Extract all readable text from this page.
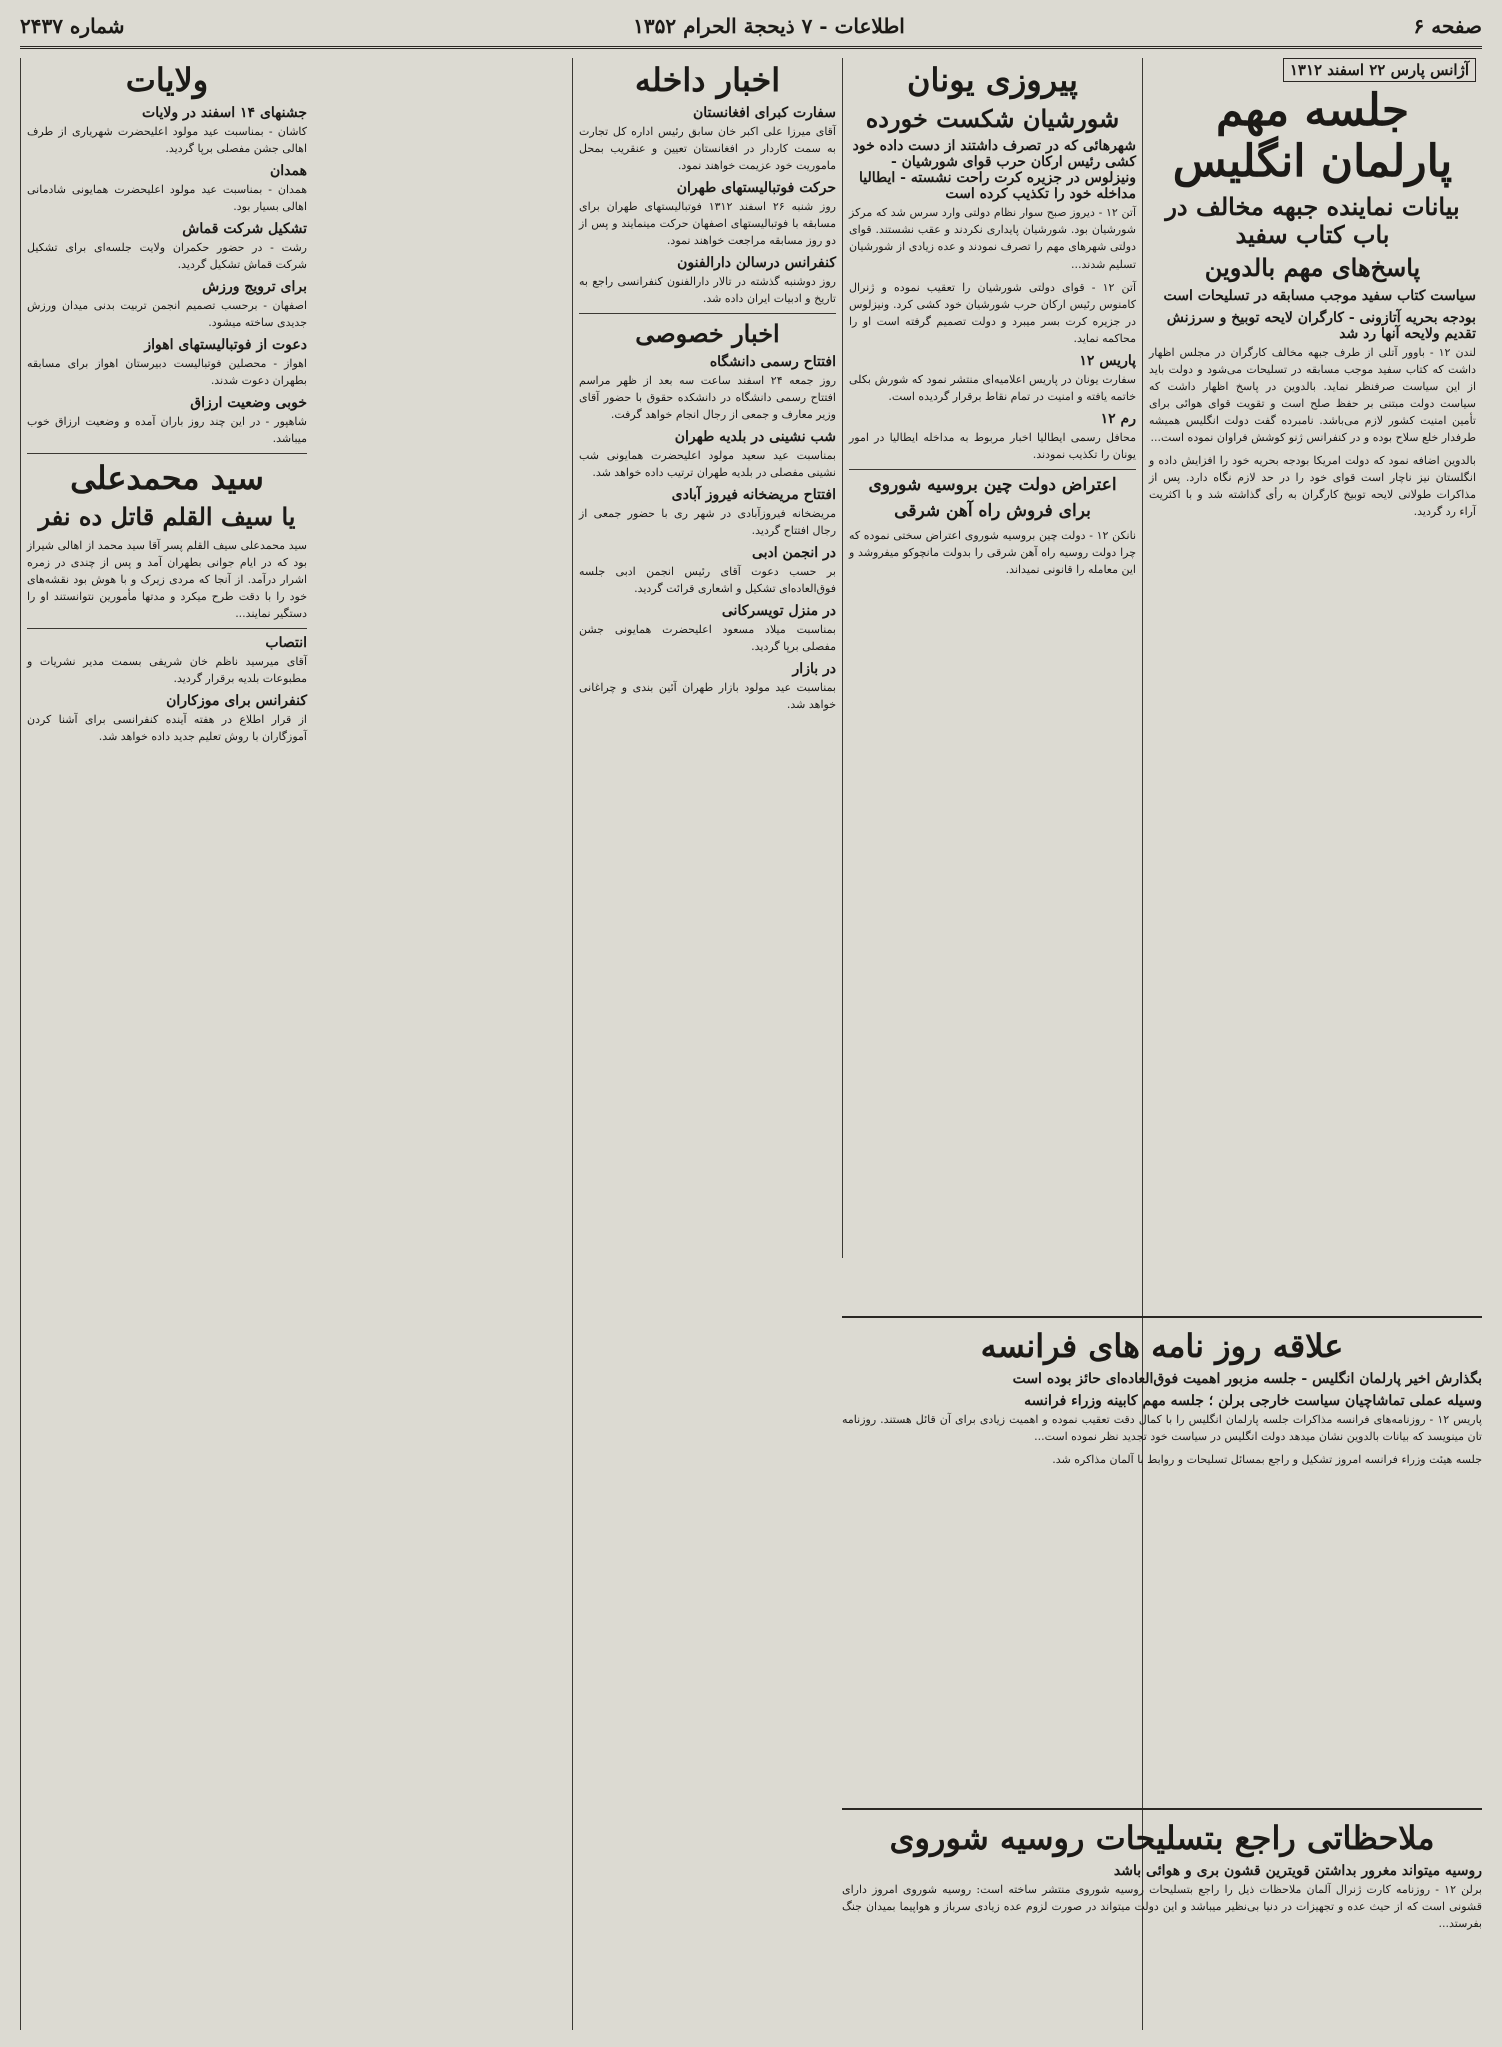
صفحه ۶
اطلاعات - ۷ ذیحجة الحرام ۱۳۵۲
شماره ۲۴۳۷
آژانس پارس ۲۲ اسفند ۱۳۱۲
جلسه مهم پارلمان انگلیس
بیانات نماینده جبهه مخالف در باب کتاب سفید
پاسخ‌های مهم بالدوین
سیاست کتاب سفید موجب مسابقه در تسلیحات است
بودجه بحریه آتازونی - کارگران لایحه توبیخ و سرزنش تقدیم ولایحه آنها رد شد

لندن ۱۲ - باوور آتلی از طرف جبهه مخالف کارگران در مجلس اظهار داشت که کتاب سفید موجب مسابقه در تسلیحات می‌شود و دولت باید از این سیاست صرفنظر نماید. بالدوین در پاسخ اظهار داشت که سیاست دولت مبتنی بر حفظ صلح است و تقویت قوای هوائی برای تأمین امنیت کشور لازم می‌باشد. نامبرده گفت دولت انگلیس همیشه طرفدار خلع سلاح بوده و در کنفرانس ژنو کوشش فراوان نموده است...

بالدوین اضافه نمود که دولت امریکا بودجه بحریه خود را افزایش داده و انگلستان نیز ناچار است قوای خود را در حد لازم نگاه دارد. پس از مذاکرات طولانی لایحه توبیخ کارگران به رأی گذاشته شد و با اکثریت آراء رد گردید.

پیروزی یونان
شورشیان شکست خورده
شهرهائی که در تصرف داشتند از دست داده خود کشی رئیس ارکان حرب قوای شورشیان - ونیزلوس در جزیره کرت راحت نشسته - ایطالیا مداخله خود را تکذیب کرده است

آتن ۱۲ - دیروز صبح سوار نظام دولتی وارد سرس شد که مرکز شورشیان بود. شورشیان پایداری نکردند و عقب نشستند. قوای دولتی شهرهای مهم را تصرف نمودند و عده زیادی از شورشیان تسلیم شدند...

آتن ۱۲ - قوای دولتی شورشیان را تعقیب نموده و ژنرال کامنوس رئیس ارکان حرب شورشیان خود کشی کرد. ونیزلوس در جزیره کرت بسر میبرد و دولت تصمیم گرفته است او را محاکمه نماید.

پاریس ۱۲

سفارت یونان در پاریس اعلامیه‌ای منتشر نمود که شورش بکلی خاتمه یافته و امنیت در تمام نقاط برقرار گردیده است.

رم ۱۲

محافل رسمی ایطالیا اخبار مربوط به مداخله ایطالیا در امور یونان را تکذیب نمودند.

اعتراض دولت چین بروسیه شوروی
برای فروش راه آهن شرقی

نانکن ۱۲ - دولت چین بروسیه شوروی اعتراض سختی نموده که چرا دولت روسیه راه آهن شرقی را بدولت مانچوکو میفروشد و این معامله را قانونی نمیداند.

اخبار داخله
سفارت کبرای افغانستان

آقای میرزا علی اکبر خان سابق رئیس اداره کل تجارت به سمت کاردار در افغانستان تعیین و عنقریب بمحل ماموریت خود عزیمت خواهند نمود.

حرکت فوتبالیستهای طهران

روز شنبه ۲۶ اسفند ۱۳۱۲ فوتبالیستهای طهران برای مسابقه با فوتبالیستهای اصفهان حرکت مینمایند و پس از دو روز مسابقه مراجعت خواهند نمود.

کنفرانس درسالن دارالفنون

روز دوشنبه گذشته در تالار دارالفنون کنفرانسی راجع به تاریخ و ادبیات ایران داده شد.

اخبار خصوصی
افتتاح رسمی دانشگاه

روز جمعه ۲۴ اسفند ساعت سه بعد از ظهر مراسم افتتاح رسمی دانشگاه در دانشکده حقوق با حضور آقای وزیر معارف و جمعی از رجال انجام خواهد گرفت.

شب نشینی در بلدیه طهران

بمناسبت عید سعید مولود اعلیحضرت همایونی شب نشینی مفصلی در بلدیه طهران ترتیب داده خواهد شد.

افتتاح مریضخانه فیروز آبادی

مریضخانه فیروزآبادی در شهر ری با حضور جمعی از رجال افتتاح گردید.

در انجمن ادبی

بر حسب دعوت آقای رئیس انجمن ادبی جلسه فوق‌العاده‌ای تشکیل و اشعاری قرائت گردید.

در منزل تویسرکانی

بمناسبت میلاد مسعود اعلیحضرت همایونی جشن مفصلی برپا گردید.

در بازار

بمناسبت عید مولود بازار طهران آئین بندی و چراغانی خواهد شد.

ولایات
جشنهای ۱۴ اسفند در ولایات

کاشان - بمناسبت عید مولود اعلیحضرت شهریاری از طرف اهالی جشن مفصلی برپا گردید.

همدان

همدان - بمناسبت عید مولود اعلیحضرت همایونی شادمانی اهالی بسیار بود.

تشکیل شرکت قماش

رشت - در حضور حکمران ولایت جلسه‌ای برای تشکیل شرکت قماش تشکیل گردید.

برای ترویج ورزش

اصفهان - برحسب تصمیم انجمن تربیت بدنی میدان ورزش جدیدی ساخته میشود.

دعوت از فوتبالیستهای اهواز

اهواز - محصلین فوتبالیست دبیرستان اهواز برای مسابقه بطهران دعوت شدند.

خوبی وضعیت ارزاق

شاهپور - در این چند روز باران آمده و وضعیت ارزاق خوب میباشد.

سید محمدعلی
یا سیف القلم قاتل ده نفر

سید محمدعلی سیف القلم پسر آقا سید محمد از اهالی شیراز بود که در ایام جوانی بطهران آمد و پس از چندی در زمره اشرار درآمد. از آنجا که مردی زیرک و با هوش بود نقشه‌های خود را با دقت طرح میکرد و مدتها مأمورین نتوانستند او را دستگیر نمایند...

انتصاب

آقای میرسید ناظم خان شریفی بسمت مدیر نشریات و مطبوعات بلدیه برقرار گردید.

کنفرانس برای موزکاران

از قرار اطلاع در هفته آینده کنفرانسی برای آشنا کردن آموزگاران با روش تعلیم جدید داده خواهد شد.

علاقه روز نامه های فرانسه
بگذارش اخیر پارلمان انگلیس - جلسه مزبور اهمیت فوق‌العاده‌ای حائز بوده است
وسیله عملی تماشاچیان سیاست خارجی برلن ؛ جلسه مهم کابینه وزراء فرانسه

پاریس ۱۲ - روزنامه‌های فرانسه مذاکرات جلسه پارلمان انگلیس را با کمال دقت تعقیب نموده و اهمیت زیادی برای آن قائل هستند. روزنامه تان مینویسد که بیانات بالدوین نشان میدهد دولت انگلیس در سیاست خود تجدید نظر نموده است...

جلسه هیئت وزراء فرانسه امروز تشکیل و راجع بمسائل تسلیحات و روابط با آلمان مذاکره شد.

ملاحظاتی راجع بتسلیحات روسیه شوروی
روسیه میتواند مغرور بداشتن قویترین قشون بری و هوائی باشد

برلن ۱۲ - روزنامه کارت ژنرال آلمان ملاحظات ذیل را راجع بتسلیحات روسیه شوروی منتشر ساخته است: روسیه شوروی امروز دارای قشونی است که از حیث عده و تجهیزات در دنیا بی‌نظیر میباشد و این دولت میتواند در صورت لزوم عده زیادی سرباز و هواپیما بمیدان جنگ بفرستد...
